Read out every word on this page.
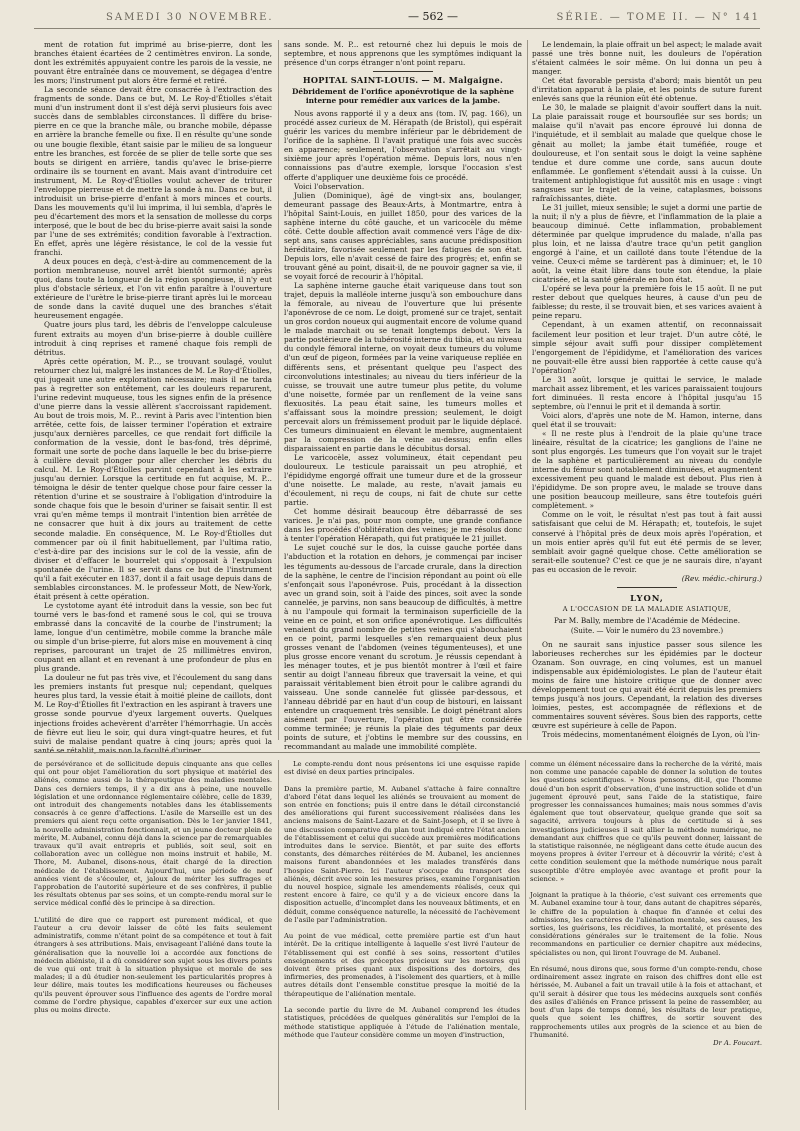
SAMEDI 30 NOVEMBRE.	— 562 —	SÉRIE. — TOME II. — N° 141

ment de rotation fut imprimé au brise-pierre, dont les branches étaient écartées de 2 centimètres environ. La sonde, dont les extrémités appuyaient contre les parois de la vessie, ne pouvant être entraînée dans ce mouvement, se dégagea d'entre les mors; l'instrument put alors être fermé et retiré.

La seconde séance devait être consacrée à l'extraction des fragments de sonde. Dans ce but, M. Le Roy-d'Étiolles s'était muni d'un instrument dont il s'est déjà servi plusieurs fois avec succès dans de semblables circonstances. Il diffère du brise-pierre en ce que la branche mâle, ou branche mobile, dépasse en arrière la branche femelle ou fixe. Il en résulte qu'une sonde ou une bougie flexible, étant saisie par le milieu de sa longueur entre les branches, est forcée de se plier de telle sorte que ses bouts se dirigent en arrière, tandis qu'avec le brise-pierre ordinaire ils se tournent en avant. Mais avant d'introduire cet instrument, M. Le Roy-d'Étiolles voulut achever de triturer l'enveloppe pierreuse et de mettre la sonde à nu. Dans ce but, il introduisit un brise-pierre d'enfant à mors minces et courts. Dans les mouvements qu'il lui imprima, il lui sembla, d'après le peu d'écartement des mors et la sensation de mollesse du corps interposé, que le bout de bec du brise-pierre avait saisi la sonde par l'une de ses extrémités; condition favorable à l'extraction. En effet, après une légère résistance, le col de la vessie fut franchi.

A deux pouces en deçà, c'est-à-dire au commencement de la portion membraneuse, nouvel arrêt bientôt surmonté; après quoi, dans toute la longueur de la région spongieuse, il n'y eut plus d'obstacle sérieux, et l'on vit enfin paraître à l'ouverture extérieure de l'urètre le brise-pierre tirant après lui le morceau de sonde dans la cavité duquel une des branches s'était heureusement engagée.

Quatre jours plus tard, les débris de l'enveloppe calculeuse furent extraits au moyen d'un brise-pierre à double cuillère introduit à cinq reprises et ramené chaque fois rempli de détritus.

Après cette opération, M. P..., se trouvant soulagé, voulut retourner chez lui, malgré les instances de M. Le Roy-d'Étiolles, qui jugeait une autre exploration nécessaire; mais il ne tarda pas à regretter son entêtement, car les douleurs reparurent, l'urine redevint muqueuse, tous les signes enfin de la présence d'une pierre dans la vessie allèrent s'accroissant rapidement. Au bout de trois mois, M. P... revint à Paris avec l'intention bien arrêtée, cette fois, de laisser terminer l'opération et extraire jusqu'aux dernières parcelles, ce que rendait fort difficile la conformation de la vessie, dont le bas-fond, très déprimé, formait une sorte de poche dans laquelle le bec du brise-pierre à cuillère devait plonger pour aller chercher les débris du calcul. M. Le Roy-d'Étiolles parvint cependant à les extraire jusqu'au dernier. Lorsque la certitude en fut acquise, M. P... témoigna le désir de tenter quelque chose pour faire cesser la rétention d'urine et se soustraire à l'obligation d'introduire la sonde chaque fois que le besoin d'uriner se faisait sentir. Il est vrai qu'en même temps il montrait l'intention bien arrêtée de ne consacrer que huit à dix jours au traitement de cette seconde maladie. En conséquence, M. Le Roy-d'Étiolles dut commencer par où il finit habituellement, par l'ultima ratio, c'est-à-dire par des incisions sur le col de la vessie, afin de diviser et d'effacer le bourrelet qui s'opposait à l'expulsion spontanée de l'urine. Il se servit dans ce but de l'instrument qu'il a fait exécuter en 1837, dont il a fait usage depuis dans de semblables circonstances. M. le professeur Mott, de New-York, était présent à cette opération.

Le cystotome ayant été introduit dans la vessie, son bec fut tourné vers le bas-fond et ramené sous le col, qui se trouva embrassé dans la concavité de la courbe de l'instrument; la lame, longue d'un centimètre, mobile comme la branche mâle ou simple d'un brise-pierre, fut alors mise en mouvement à cinq reprises, parcourant un trajet de 25 millimètres environ, coupant en allant et en revenant à une profondeur de plus en plus grande.

La douleur ne fut pas très vive, et l'écoulement du sang dans les premiers instants fut presque nul; cependant, quelques heures plus tard, la vessie était à moitié pleine de caillots, dont M. Le Roy-d'Étiolles fit l'extraction en les aspirant à travers une grosse sonde pourvue d'yeux largement ouverts. Quelques injections froides achevèrent d'arrêter l'hémorrhagie. Un accès de fièvre eut lieu le soir, qui dura vingt-quatre heures, et fut suivi de malaise pendant quatre à cinq jours; après quoi la santé se rétablit, mais non la faculté d'uriner

sans sonde. M. P... est retourné chez lui depuis le mois de septembre, et nous apprenons que les symptômes indiquant la présence d'un corps étranger n'ont point reparu.

HOPITAL SAINT-LOUIS. — M. Malgaigne.
Débridement de l'orifice aponévrotique de la saphène interne pour remédier aux varices de la jambe.

Nous avons rapporté il y a deux ans (tom. IV, pag. 166), un procédé assez curieux de M. Hérapath (de Bristol), qui espérait guérir les varices du membre inférieur par le débridement de l'orifice de la saphène. Il l'avait pratiqué une fois avec succès en apparence; seulement, l'observation s'arrêtait au vingt-sixième jour après l'opération même. Depuis lors, nous n'en connaissions pas d'autre exemple, lorsque l'occasion s'est offerte d'appliquer une deuxième fois ce procédé.

Voici l'observation.

Julien (Dominique), âgé de vingt-six ans, boulanger, demeurant passage des Beaux-Arts, à Montmartre, entra à l'hôpital Saint-Louis, en juillet 1850, pour des varices de la saphène interne du côté gauche, et un varicocèle du même côté. Cette double affection avait commencé vers l'âge de dix-sept ans, sans causes appréciables, sans aucune prédisposition héréditaire, favorisée seulement par les fatigues de son état. Depuis lors, elle n'avait cessé de faire des progrès; et, enfin se trouvant gêné au point, disait-il, de ne pouvoir gagner sa vie, il se voyait forcé de recourir à l'hôpital.

La saphène interne gauche était variqueuse dans tout son trajet, depuis la malléole interne jusqu'à son embouchure dans la fémorale, au niveau de l'ouverture que lui présente l'aponévrose de ce nom. Le doigt, promené sur ce trajet, sentait un gros cordon noueux qui augmentait encore de volume quand le malade marchait ou se tenait longtemps debout. Vers la partie postérieure de la tubérosité interne du tibia, et au niveau du condyle fémoral interne, on voyait deux tumeurs du volume d'un œuf de pigeon, formées par la veine variqueuse repliée en différents sens, et présentant quelque peu l'aspect des circonvolutions intestinales; au niveau du tiers inférieur de la cuisse, se trouvait une autre tumeur plus petite, du volume d'une noisette, formée par un renflement de la veine sans flexuosités. La peau était saine, les tumeurs molles et s'affaissant sous la moindre pression; seulement, le doigt percevait alors un frémissement produit par le liquide déplacé. Ces tumeurs diminuaient en élevant le membre, augmentaient par la compression de la veine au-dessus; enfin elles disparaissaient en partie dans le décubitus dorsal.

Le varicocèle, assez volumineux, était cependant peu douloureux. Le testicule paraissait un peu atrophié, et l'épididyme engorgé offrait une tumeur dure et de la grosseur d'une noisette. Le malade, au reste, n'avait jamais eu d'écoulement, ni reçu de coups, ni fait de chute sur cette partie.

Cet homme désirait beaucoup être débarrassé de ses varices. Je n'ai pas, pour mon compte, une grande confiance dans les procédés d'oblitération des veines; je me résolus donc à tenter l'opération Hérapath, qui fut pratiquée le 21 juillet.

Le sujet couché sur le dos, la cuisse gauche portée dans l'abduction et la rotation en dehors, je commençai par inciser les téguments au-dessous de l'arcade crurale, dans la direction de la saphène, le centre de l'incision répondant au point où elle s'enfonçait sous l'aponévrose. Puis, procédant à la dissection avec un grand soin, soit à l'aide des pinces, soit avec la sonde cannelée, je parvins, non sans beaucoup de difficultés, à mettre à nu l'ampoule qui formait la terminaison superficielle de la veine en ce point, et son orifice aponévrotique. Les difficultés venaient du grand nombre de petites veines qui s'abouchaient en ce point, parmi lesquelles s'en remarquaient deux plus grosses venant de l'abdomen (veines tégumenteuses), et une plus grosse encore venant du scrotum. Je réussis cependant à les ménager toutes, et je pus bientôt montrer à l'œil et faire sentir au doigt l'anneau fibreux que traversait la veine, et qui paraissait véritablement bien étroit pour le calibre agrandi du vaisseau. Une sonde cannelée fut glissée par-dessous, et l'anneau débridé par en haut d'un coup de bistouri, en laissant entendre un craquement très sensible. Le doigt pénétrant alors aisément par l'ouverture, l'opération put être considérée comme terminée; je réunis la plaie des téguments par deux points de suture, et j'obtins le membre sur des coussins, en recommandant au malade une immobilité complète.

Le lendemain, la plaie offrait un bel aspect; le malade avait passé une très bonne nuit, les douleurs de l'opération s'étaient calmées le soir même. On lui donna un peu à manger.

Cet état favorable persista d'abord; mais bientôt un peu d'irritation apparut à la plaie, et les points de suture furent enlevés sans que la réunion eût été obtenue.

Le 30, le malade se plaignit d'avoir souffert dans la nuit. La plaie paraissait rouge et boursouflée sur ses bords; un malaise qu'il n'avait pas encore éprouvé lui donna de l'inquiétude, et il semblait au malade que quelque chose le gênait au mollet; la jambe était tuméfiée, rouge et douloureuse, et l'on sentait sous le doigt la veine saphène tendue et dure comme une corde, sans aucun doute enflammée. Le gonflement s'étendait aussi à la cuisse. Un traitement antiphlogistique fut aussitôt mis en usage : vingt sangsues sur le trajet de la veine, cataplasmes, boissons rafraîchissantes, diète.

Le 31 juillet, mieux sensible; le sujet a dormi une partie de la nuit; il n'y a plus de fièvre, et l'inflammation de la plaie a beaucoup diminué. Cette inflammation, probablement déterminée par quelque imprudence du malade, n'alla pas plus loin, et ne laissa d'autre trace qu'un petit ganglion engorgé à l'aine, et un cailloté dans toute l'étendue de la veine. Ceux-ci même se tardèrent pas à diminuer; et, le 10 août, la veine était libre dans toute son étendue, la plaie cicatrisée, et la santé générale en bon état.

L'opéré se leva pour la première fois le 15 août. Il ne put rester debout que quelques heures, à cause d'un peu de faiblesse; du reste, il se trouvait bien, et ses varices avaient à peine reparu.

Cependant, à un examen attentif, on reconnaissait facilement leur position et leur trajet. D'un autre côté, le simple séjour avait suffi pour dissiper complètement l'engorgement de l'épididyme, et l'amélioration des varices ne pouvait-elle être aussi bien rapportée à cette cause qu'à l'opération?

Le 31 août, lorsque je quittai le service, le malade marchait assez librement, et les varices paraissaient toujours fort diminuées. Il resta encore à l'hôpital jusqu'au 15 septembre, où l'ennui le prit et il demanda à sortir.

Voici alors, d'après une note de M. Hamon, interne, dans quel état il se trouvait:

« Il ne reste plus à l'endroit de la plaie qu'une trace linéaire, résultat de la cicatrice; les ganglions de l'aine ne sont plus engorgés. Les tumeurs que l'on voyait sur le trajet de la saphène et particulièrement au niveau du condyle interne du fémur sont notablement diminuées, et augmentent excessivement peu quand le malade est debout. Plus rien à l'épididyme. De son propre aveu, le malade se trouve dans une position beaucoup meilleure, sans être toutefois guéri complètement. »

Comme on le voit, le résultat n'est pas tout à fait aussi satisfaisant que celui de M. Hérapath; et, toutefois, le sujet conservé à l'hôpital près de deux mois après l'opération, et un mois entier après qu'il fut eut été permis de se lever, semblait avoir gagné quelque chose. Cette amélioration se serait-elle soutenue? C'est ce que je ne saurais dire, n'ayant pas eu occasion de le revoir.

(Rev. médic.-chirurg.)
LYON,
A L'OCCASION DE LA MALADIE ASIATIQUE,
Par M. Bally, membre de l'Académie de Médecine.
(Suite. — Voir le numéro du 23 novembre.)

On ne saurait sans injustice passer sous silence les laborieuses recherches sur les épidémies par le docteur Ozanam. Son ouvrage, en cinq volumes, est un manuel indispensable aux épidémiologistes. Le plan de l'auteur était moins de faire une histoire critique que de donner avec développement tout ce qui avait été écrit depuis les premiers temps jusqu'à nos jours. Cependant, la relation des diverses loimies, pestes, est accompagnée de réflexions et de commentaires souvent sévères. Sous bien des rapports, cette œuvre est supérieure à celle de Papon.

Trois médecins, momentanément éloignés de Lyon, où l'in-

de persévérance et de sollicitude depuis cinquante ans que celles qui ont pour objet l'amélioration du sort physique et matériel des aliénés, comme aussi de la thérapeutique des maladies mentales. Dans ces derniers temps, il y a dix ans à peine, une nouvelle législation et une ordonnance réglementaire célèbre, celle de 1839, ont introduit des changements notables dans les établissements consacrés à ce genre d'affections. L'asile de Marseille est un des premiers qui aient reçu cette organisation. Dès le 1er janvier 1841, la nouvelle administration fonctionnait, et un jeune docteur plein de mérite, M. Aubanel, connu déjà dans la science par de remarquables travaux qu'il avait entrepris et publiés, soit seul, soit en collaboration avec un collègue non moins instruit et habile, M. Thore, M. Aubanel, disons-nous, était chargé de la direction médicale de l'établissement. Aujourd'hui, une période de neuf années vient de s'écouler, et, jaloux de mériter les suffrages et l'approbation de l'autorité supérieure et de ses confrères, il publie les résultats obtenus par ses soins, et un compte-rendu moral sur le service médical confié dès le principe à sa direction.

L'utilité de dire que ce rapport est purement médical, et que l'auteur a cru devoir laisser de côté les faits seulement administratifs, comme n'étant point de sa compétence et tout à fait étrangers à ses attributions. Mais, envisageant l'aliéné dans toute la généralisation que la nouvelle loi a accordée aux fonctions de médecin aliéniste, il a dû considérer son sujet sous les divers points de vue qui ont trait à la situation physique et morale de ses malades; il a dû étudier non-seulement les particularités propres à leur délire, mais toutes les modifications heureuses ou fâcheuses qu'ils peuvent éprouver sous l'influence des agents de l'ordre moral comme de l'ordre physique, capables d'exercer sur eux une action plus ou moins directe.

Le compte-rendu dont nous présentons ici une esquisse rapide est divisé en deux parties principales.

Dans la première partie, M. Aubanel s'attache à faire connaître d'abord l'état dans lequel les aliénés se trouvaient au moment de son entrée en fonctions; puis il entre dans le détail circonstancié des améliorations qui furent successivement réalisées dans les anciens maisons de Saint-Lazare et de Saint-Joseph, et il se livre à une discussion comparative du plan tout indiqué entre l'état ancien de l'établissement et celui qui succède aux premières modifications introduites dans le service. Bientôt, et par suite des efforts constants, des démarches réitérées de M. Aubanel, les anciennes maisons furent abandonnées et les malades transférés dans l'hospice Saint-Pierre. Ici l'auteur s'occupe du transport des aliénés, décrit avec soin les mesures prises, examine l'organisation du nouvel hospice, signale les amendements réalisés, ceux qui restent encore à faire, ce qu'il y a de vicieux encore dans la disposition actuelle, d'incomplet dans les nouveaux bâtiments, et en déduit, comme conséquence naturelle, la nécessité de l'achèvement de l'asile par l'administration.

Au point de vue médical, cette première partie est d'un haut intérêt. De la critique intelligente à laquelle s'est livré l'auteur de l'établissement qui est confié à ses soins, ressortent d'utiles enseignements et des préceptes précieux sur les mesures qui doivent être prises quant aux dispositions des dortoirs, des infirmeries, des promenades, à l'isolement des quartiers, et à mille autres détails dont l'ensemble constitue presque la moitié de la thérapeutique de l'aliénation mentale.

La seconde partie du livre de M. Aubanel comprend les études statistiques, précédées de quelques généralités sur l'emploi de la méthode statistique appliquée à l'étude de l'aliénation mentale, méthode que l'auteur considère comme un moyen d'instruction,

comme un élément nécessaire dans la recherche de la vérité, mais non comme une panacée capable de donner la solution de toutes les questions scientifiques. « Nous pensons, dit-il, que l'homme doué d'un bon esprit d'observation, d'une instruction solide et d'un jugement éprouvé peut, sans l'aide de la statistique, faire progresser les connaissances humaines; mais nous sommes d'avis également que tout observateur, quelque grande que soit sa sagacité, arrivera toujours à plus de certitude si à ses investigations judicieuses il sait allier la méthode numérique, ne demandant aux chiffres que ce qu'ils peuvent donner, laissant de la statistique raisonnée, ne négligeant dans cette étude aucun des moyens propres à éviter l'erreur et à découvrir la vérité; c'est à cette condition seulement que la méthode numérique nous paraît susceptible d'être employée avec avantage et profit pour la science. »

Joignant la pratique à la théorie, c'est suivant ces errements que M. Aubanel examine tour à tour, dans autant de chapitres séparés, le chiffre de la population à chaque fin d'année et celui des admissions, les caractères de l'aliénation mentale, ses causes, les sorties, les guérisons, les récidives, la mortalité, et présente des considérations générales sur le traitement de la folie. Nous recommandons en particulier ce dernier chapitre aux médecins, spécialistes ou non, qui liront l'ouvrage de M. Aubanel.

En résumé, nous dirons que, sous forme d'un compte-rendu, chose ordinairement assez ingrate en raison des chiffres dont elle est hérissée, M. Aubanel a fait un travail utile à la fois et attachant, et qu'il serait à désirer que tous les médecins auxquels sont confiés des asiles d'aliénés en France prissent la peine de rassembler, au bout d'un laps de temps donné, les résultats de leur pratique, quels que soient les chiffres, de sortir souvent des rapprochements utiles aux progrès de la science et au bien de l'humanité.

Dr A. Foucart.
